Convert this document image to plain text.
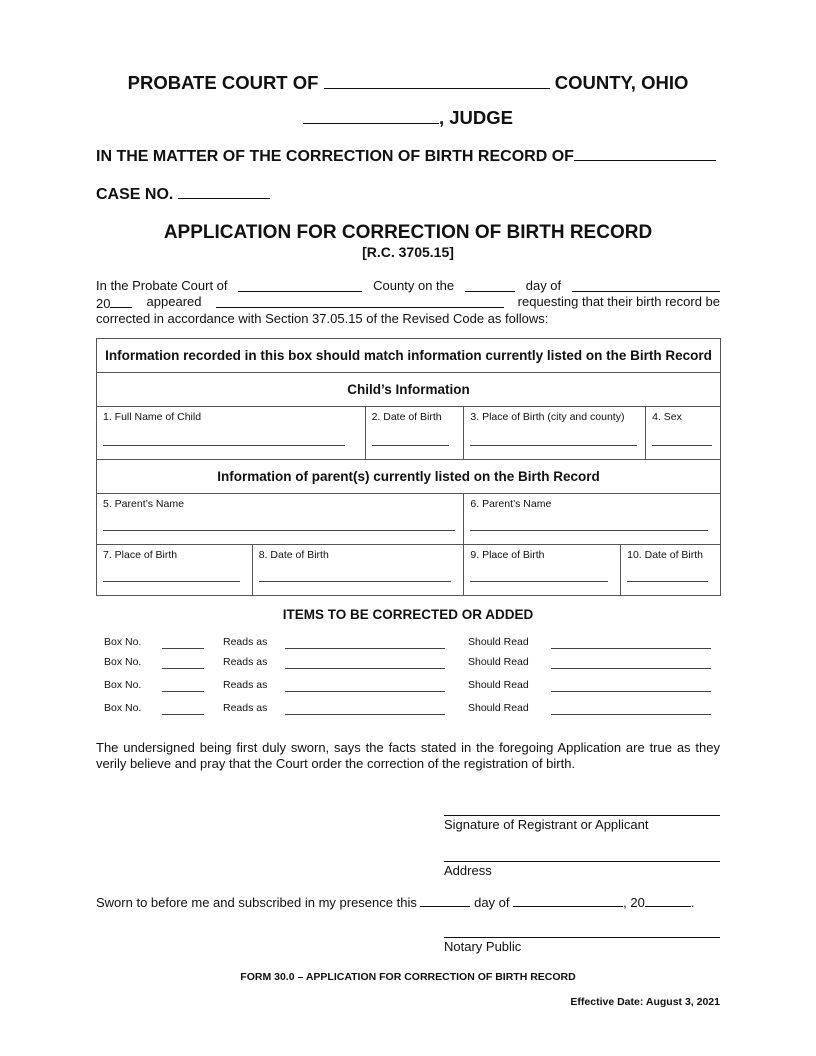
PROBATE COURT OF	COUNTY, OHIO
, JUDGE
IN THE MATTER OF THE CORRECTION OF BIRTH RECORD OF
CASE NO.
APPLICATION FOR CORRECTION OF BIRTH RECORD
[R.C. 3705.15]
In the Probate Court of	County on the	day of
20	appeared	requesting that their birth record be
corrected in accordance with Section 37.05.15 of the Revised Code as follows:
Information recorded in this box should match information currently listed on the Birth Record					
Child’s Information					

1. Full Name of Child		2. Date of Birth	3. Place of Birth (city and county)		4. Sex

Information of parent(s) currently listed on the Birth Record					

5. Parent’s Name			6. Parent’s Name		

7. Place of Birth	8. Date of Birth		9. Place of Birth	10. Date of Birth	
ITEMS TO BE CORRECTED OR ADDED
Box No.	Reads as	Should Read
Box No.	Reads as	Should Read
Box No.	Reads as	Should Read
Box No.	Reads as	Should Read
The undersigned being first duly sworn, says the facts stated in the foregoing Application are true as they verily believe and pray that the Court order the correction of the registration of birth.
Signature of Registrant or Applicant
Address
Sworn to before me and subscribed in my presence this	day of	, 20	.
Notary Public
FORM 30.0 – APPLICATION FOR CORRECTION OF BIRTH RECORD
Effective Date: August 3, 2021
